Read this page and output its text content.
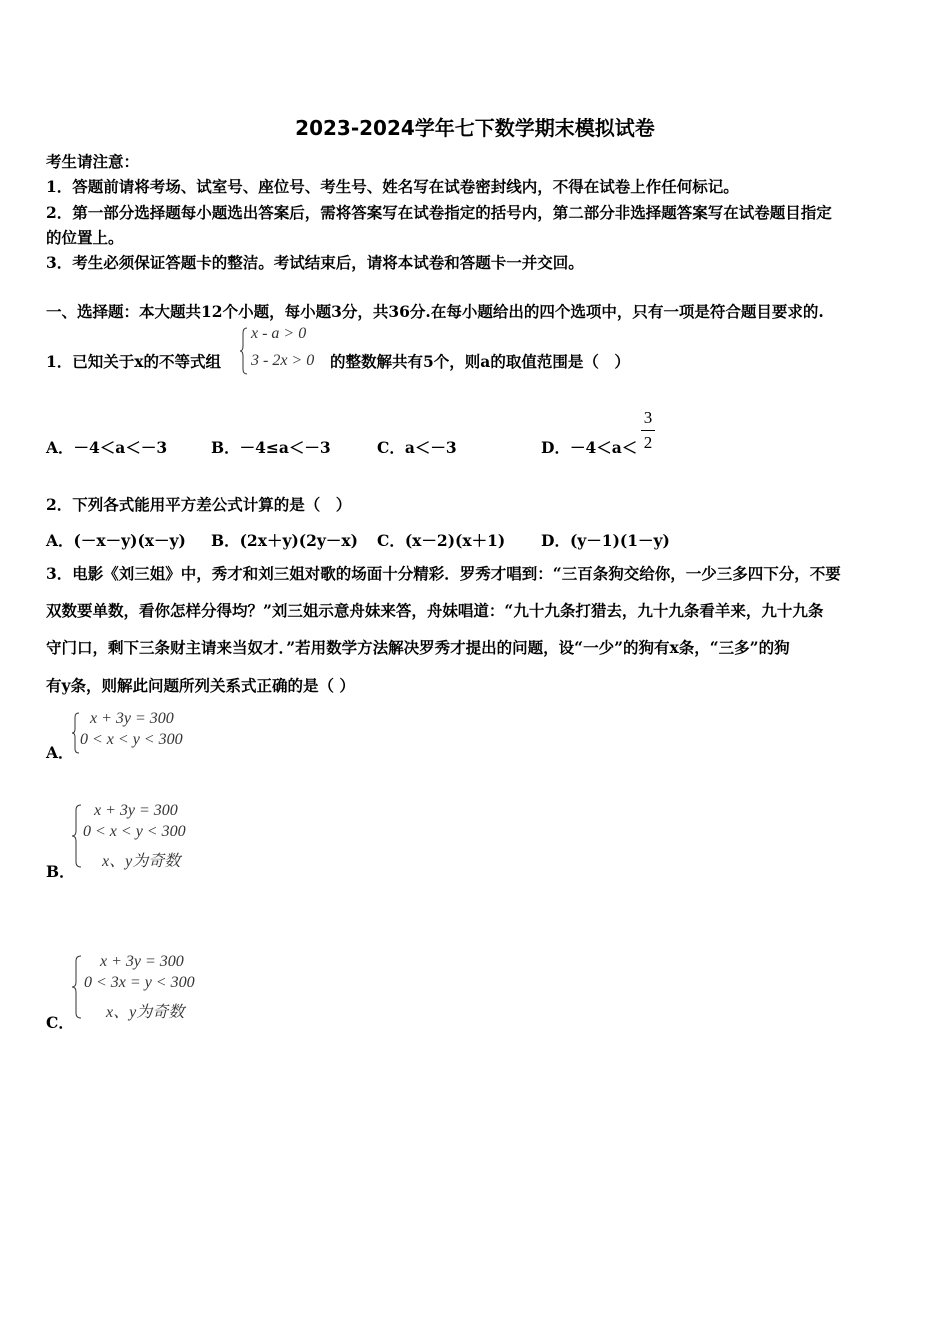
2023-2024学年七下数学期末模拟试卷
考生请注意：
1．答题前请将考场、试室号、座位号、考生号、姓名写在试卷密封线内，不得在试卷上作任何标记。
2．第一部分选择题每小题选出答案后，需将答案写在试卷指定的括号内，第二部分非选择题答案写在试卷题目指定
的位置上。
3．考生必须保证答题卡的整洁。考试结束后，请将本试卷和答题卡一并交回。
一、选择题：本大题共12个小题，每小题3分，共36分.在每小题给出的四个选项中，只有一项是符合题目要求的.
1．已知关于x的不等式组
x - a > 0
3 - 2x > 0 的整数解共有5个，则a的取值范围是（　）
A．－4＜a＜－3	B．－4≤a＜－3	C．a＜－3	D．－4＜a＜
3
2
2．下列各式能用平方差公式计算的是（　）
A．(－x－y)(x－y) B．(2x＋y)(2y－x) C．(x－2)(x＋1) D．(y－1)(1－y)
3．电影《刘三姐》中，秀才和刘三姐对歌的场面十分精彩．罗秀才唱到：“三百条狗交给你，一少三多四下分，不要
双数要单数，看你怎样分得均？”刘三姐示意舟妹来答，舟妹唱道：“九十九条打猎去，九十九条看羊来，九十九条
守门口，剩下三条财主请来当奴才．”若用数学方法解决罗秀才提出的问题，设“一少”的狗有x条，“三多”的狗
有y条，则解此问题所列关系式正确的是（ ）
A．
x + 3y = 300
0 < x < y < 300
B．
x + 3y = 300
0 < x < y < 300
x、y为奇数
C．
x + 3y = 300
0 < 3x = y < 300
x、y为奇数
